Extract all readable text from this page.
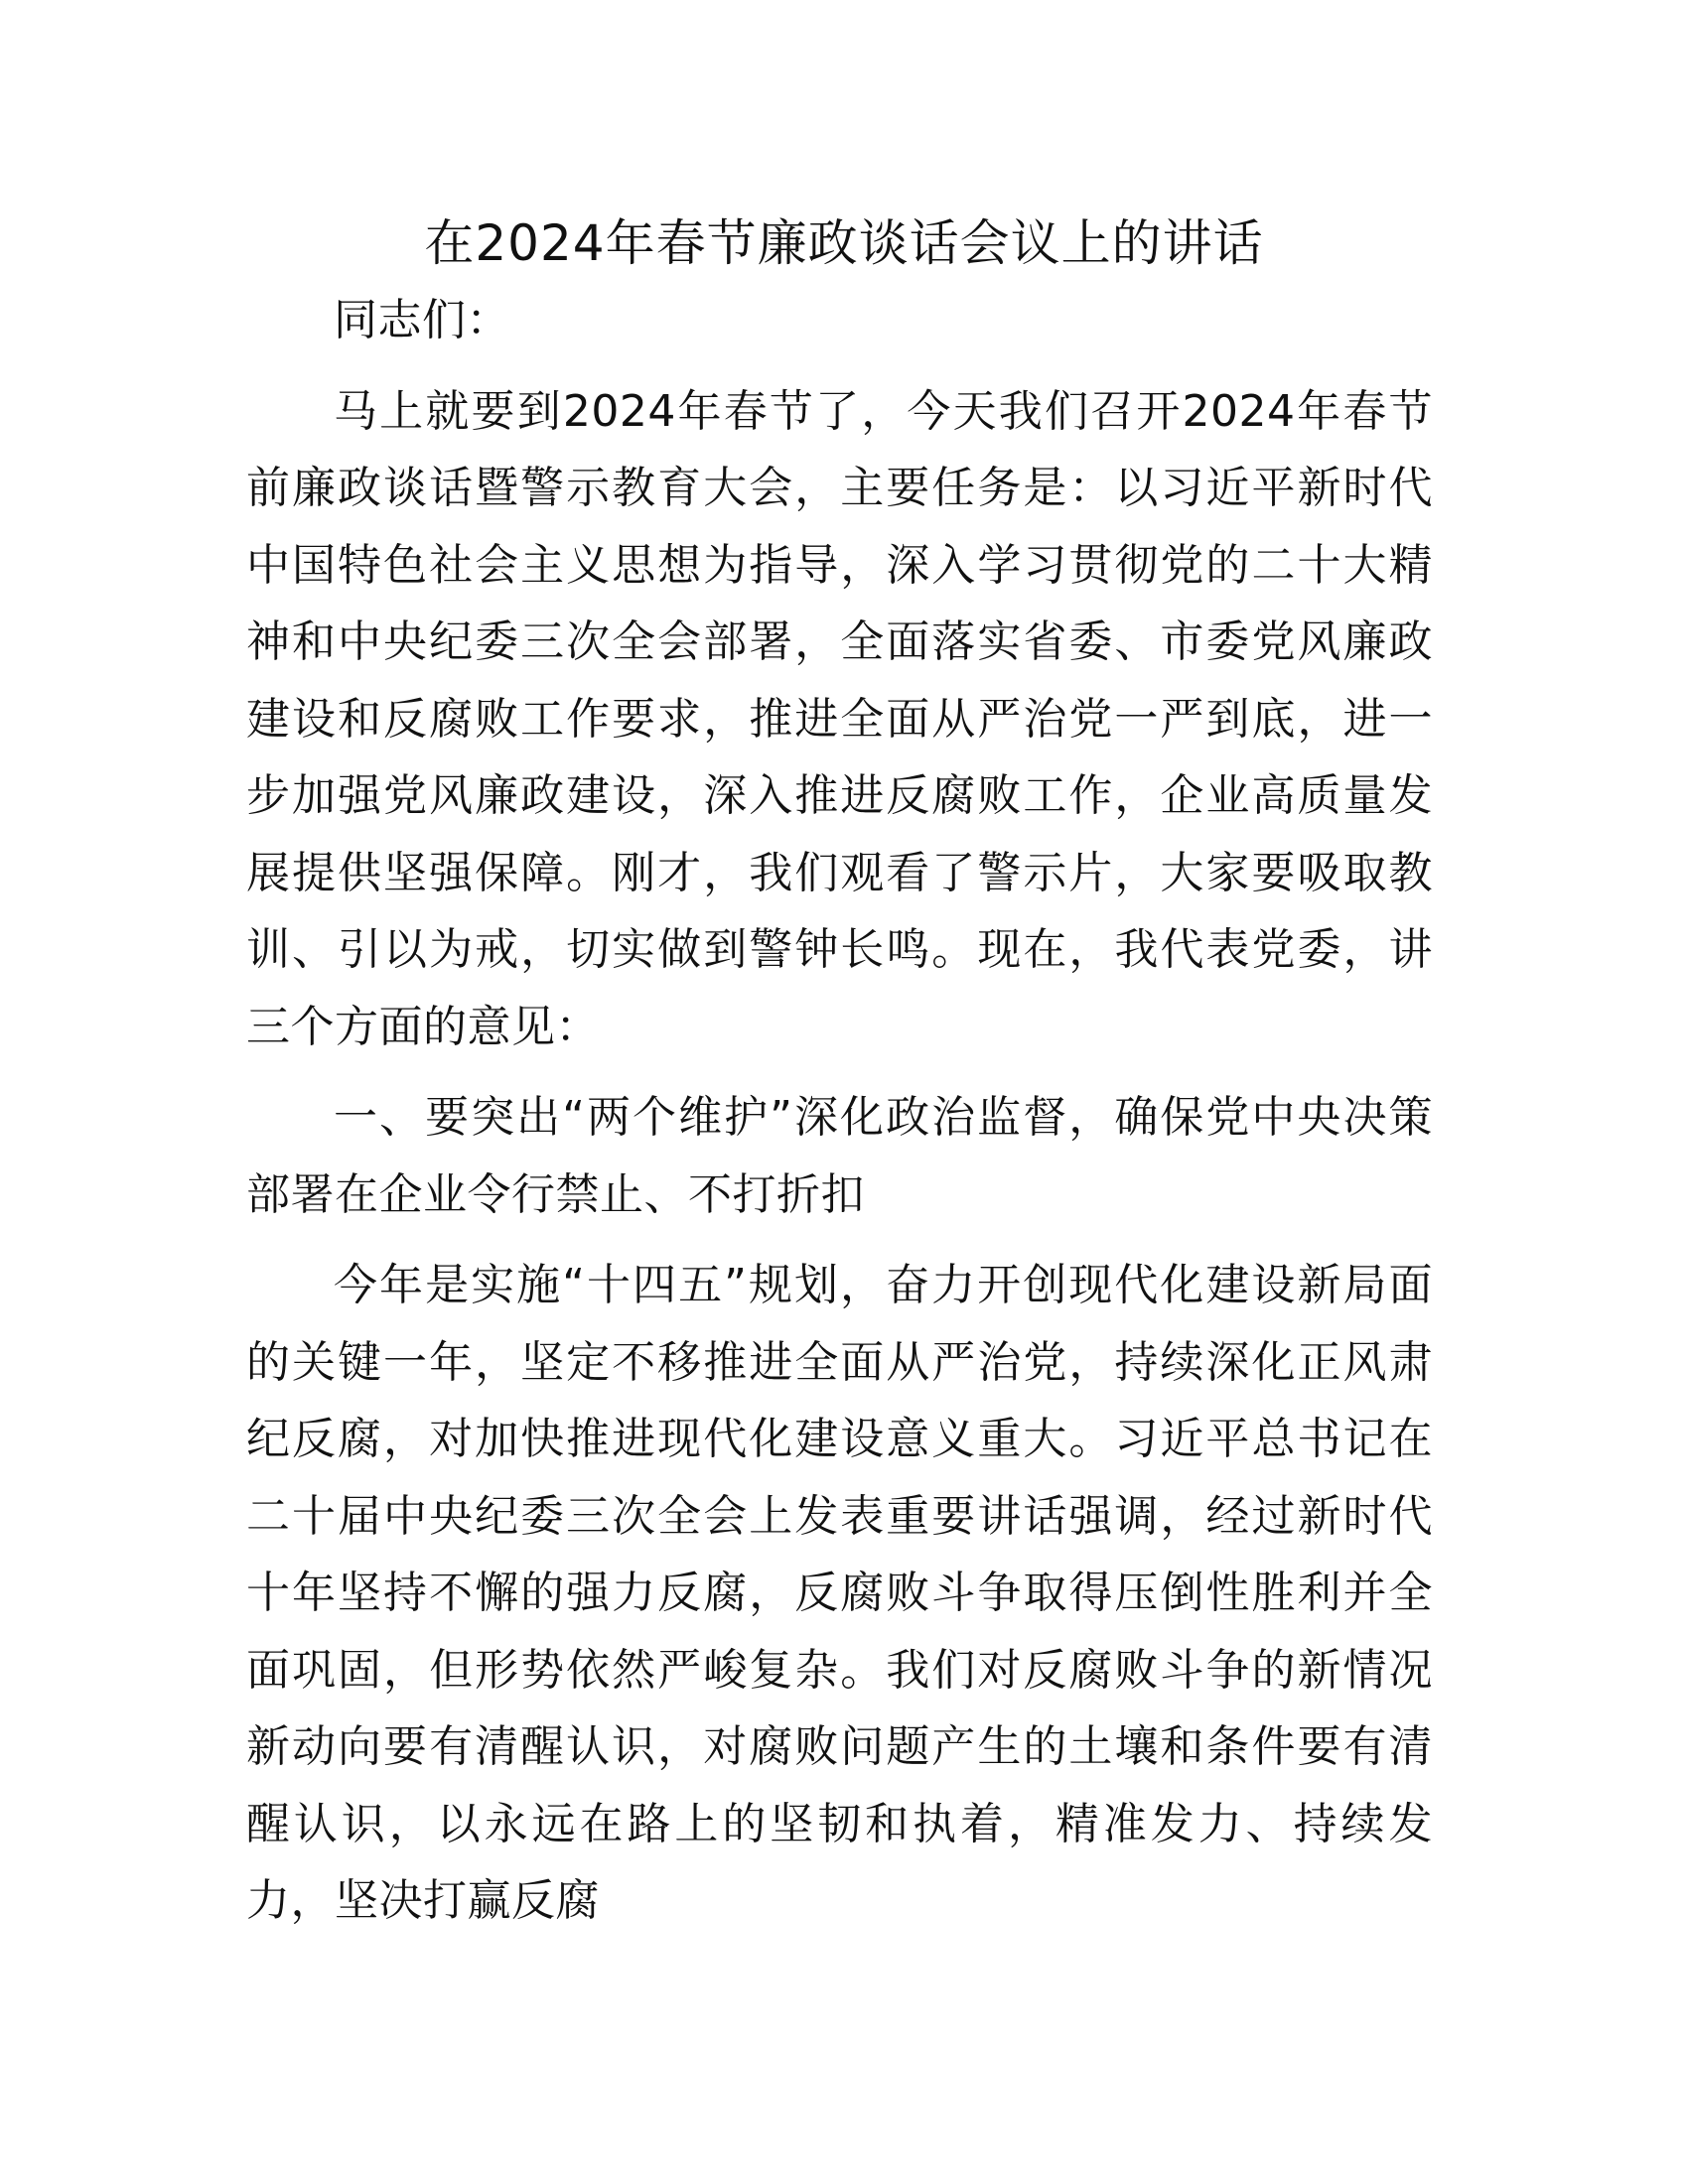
在2024年春节廉政谈话会议上的讲话

同志们：

马上就要到2024年春节了，今天我们召开2024年春节前廉政谈话暨警示教育大会，主要任务是：以习近平新时代中国特色社会主义思想为指导，深入学习贯彻党的二十大精神和中央纪委三次全会部署，全面落实省委、市委党风廉政建设和反腐败工作要求，推进全面从严治党一严到底，进一步加强党风廉政建设，深入推进反腐败工作，企业高质量发展提供坚强保障。刚才，我们观看了警示片，大家要吸取教训、引以为戒，切实做到警钟长鸣。现在，我代表党委，讲三个方面的意见：

一、要突出“两个维护”深化政治监督，确保党中央决策部署在企业令行禁止、不打折扣

今年是实施“十四五”规划，奋力开创现代化建设新局面的关键一年，坚定不移推进全面从严治党，持续深化正风肃纪反腐，对加快推进现代化建设意义重大。习近平总书记在二十届中央纪委三次全会上发表重要讲话强调，经过新时代十年坚持不懈的强力反腐，反腐败斗争取得压倒性胜利并全面巩固，但形势依然严峻复杂。我们对反腐败斗争的新情况新动向要有清醒认识，对腐败问题产生的土壤和条件要有清醒认识，以永远在路上的坚韧和执着，精准发力、持续发力，坚决打赢反腐
